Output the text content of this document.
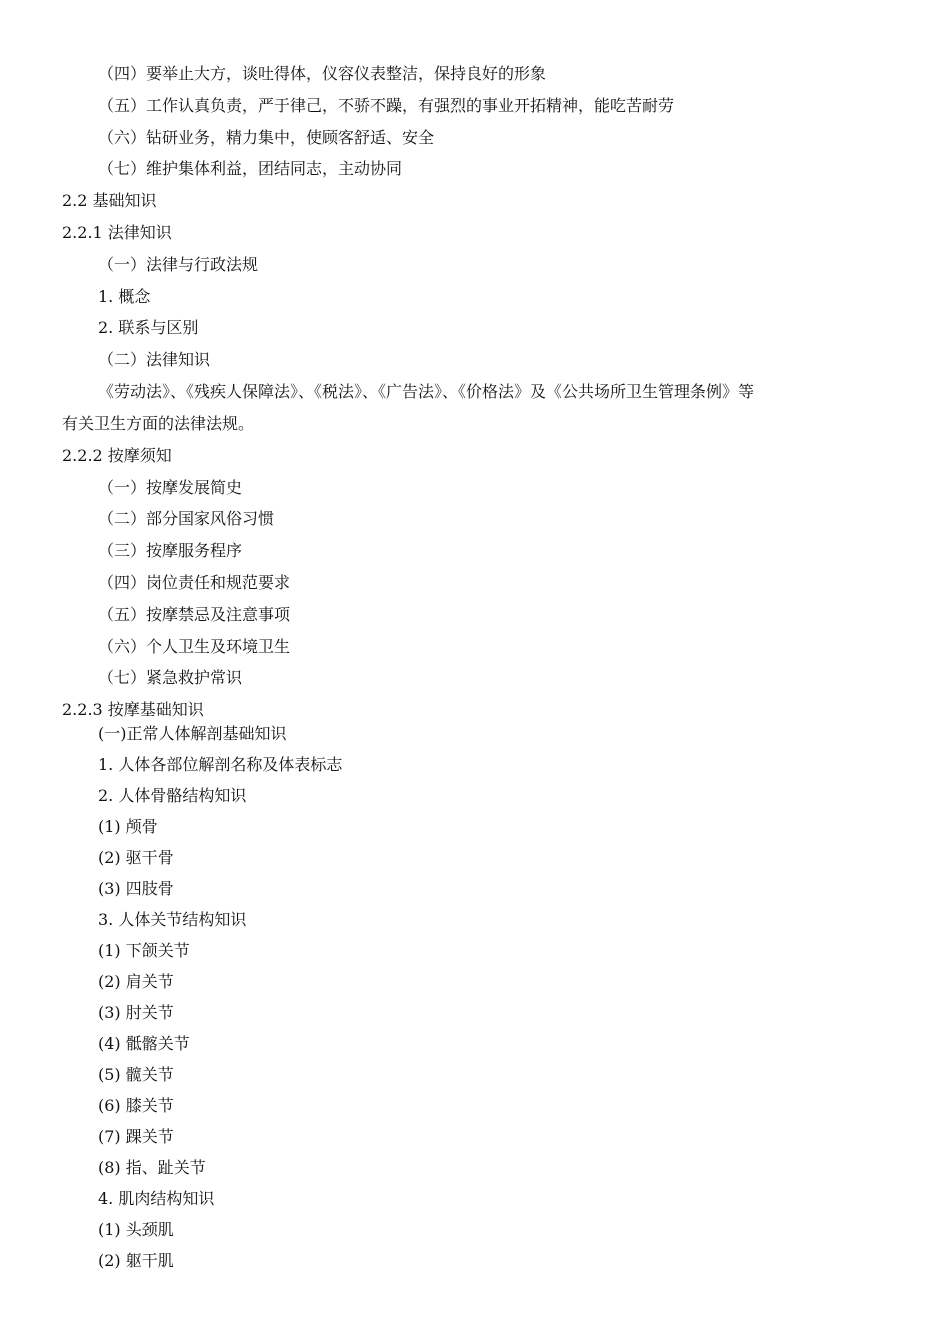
（四）要举止大方，谈吐得体，仪容仪表整洁，保持良好的形象
（五）工作认真负责，严于律己，不骄不躁，有强烈的事业开拓精神，能吃苦耐劳
（六）钻研业务，精力集中，使顾客舒适、安全
（七）维护集体利益，团结同志，主动协同
2.2 基础知识
2.2.1 法律知识
（一）法律与行政法规
1. 概念
2. 联系与区别
（二）法律知识
《劳动法》、《残疾人保障法》、《税法》、《广告法》、《价格法》及《公共场所卫生管理条例》等
有关卫生方面的法律法规。
2.2.2 按摩须知
（一）按摩发展简史
（二）部分国家风俗习惯
（三）按摩服务程序
（四）岗位责任和规范要求
（五）按摩禁忌及注意事项
（六）个人卫生及环境卫生
（七）紧急救护常识
2.2.3 按摩基础知识
(一)正常人体解剖基础知识
1. 人体各部位解剖名称及体表标志
2. 人体骨骼结构知识
(1) 颅骨
(2) 驱干骨
(3) 四肢骨
3. 人体关节结构知识
(1) 下颌关节
(2) 肩关节
(3) 肘关节
(4) 骶髂关节
(5) 髋关节
(6) 膝关节
(7) 踝关节
(8) 指、趾关节
4. 肌肉结构知识
(1) 头颈肌
(2) 躯干肌
